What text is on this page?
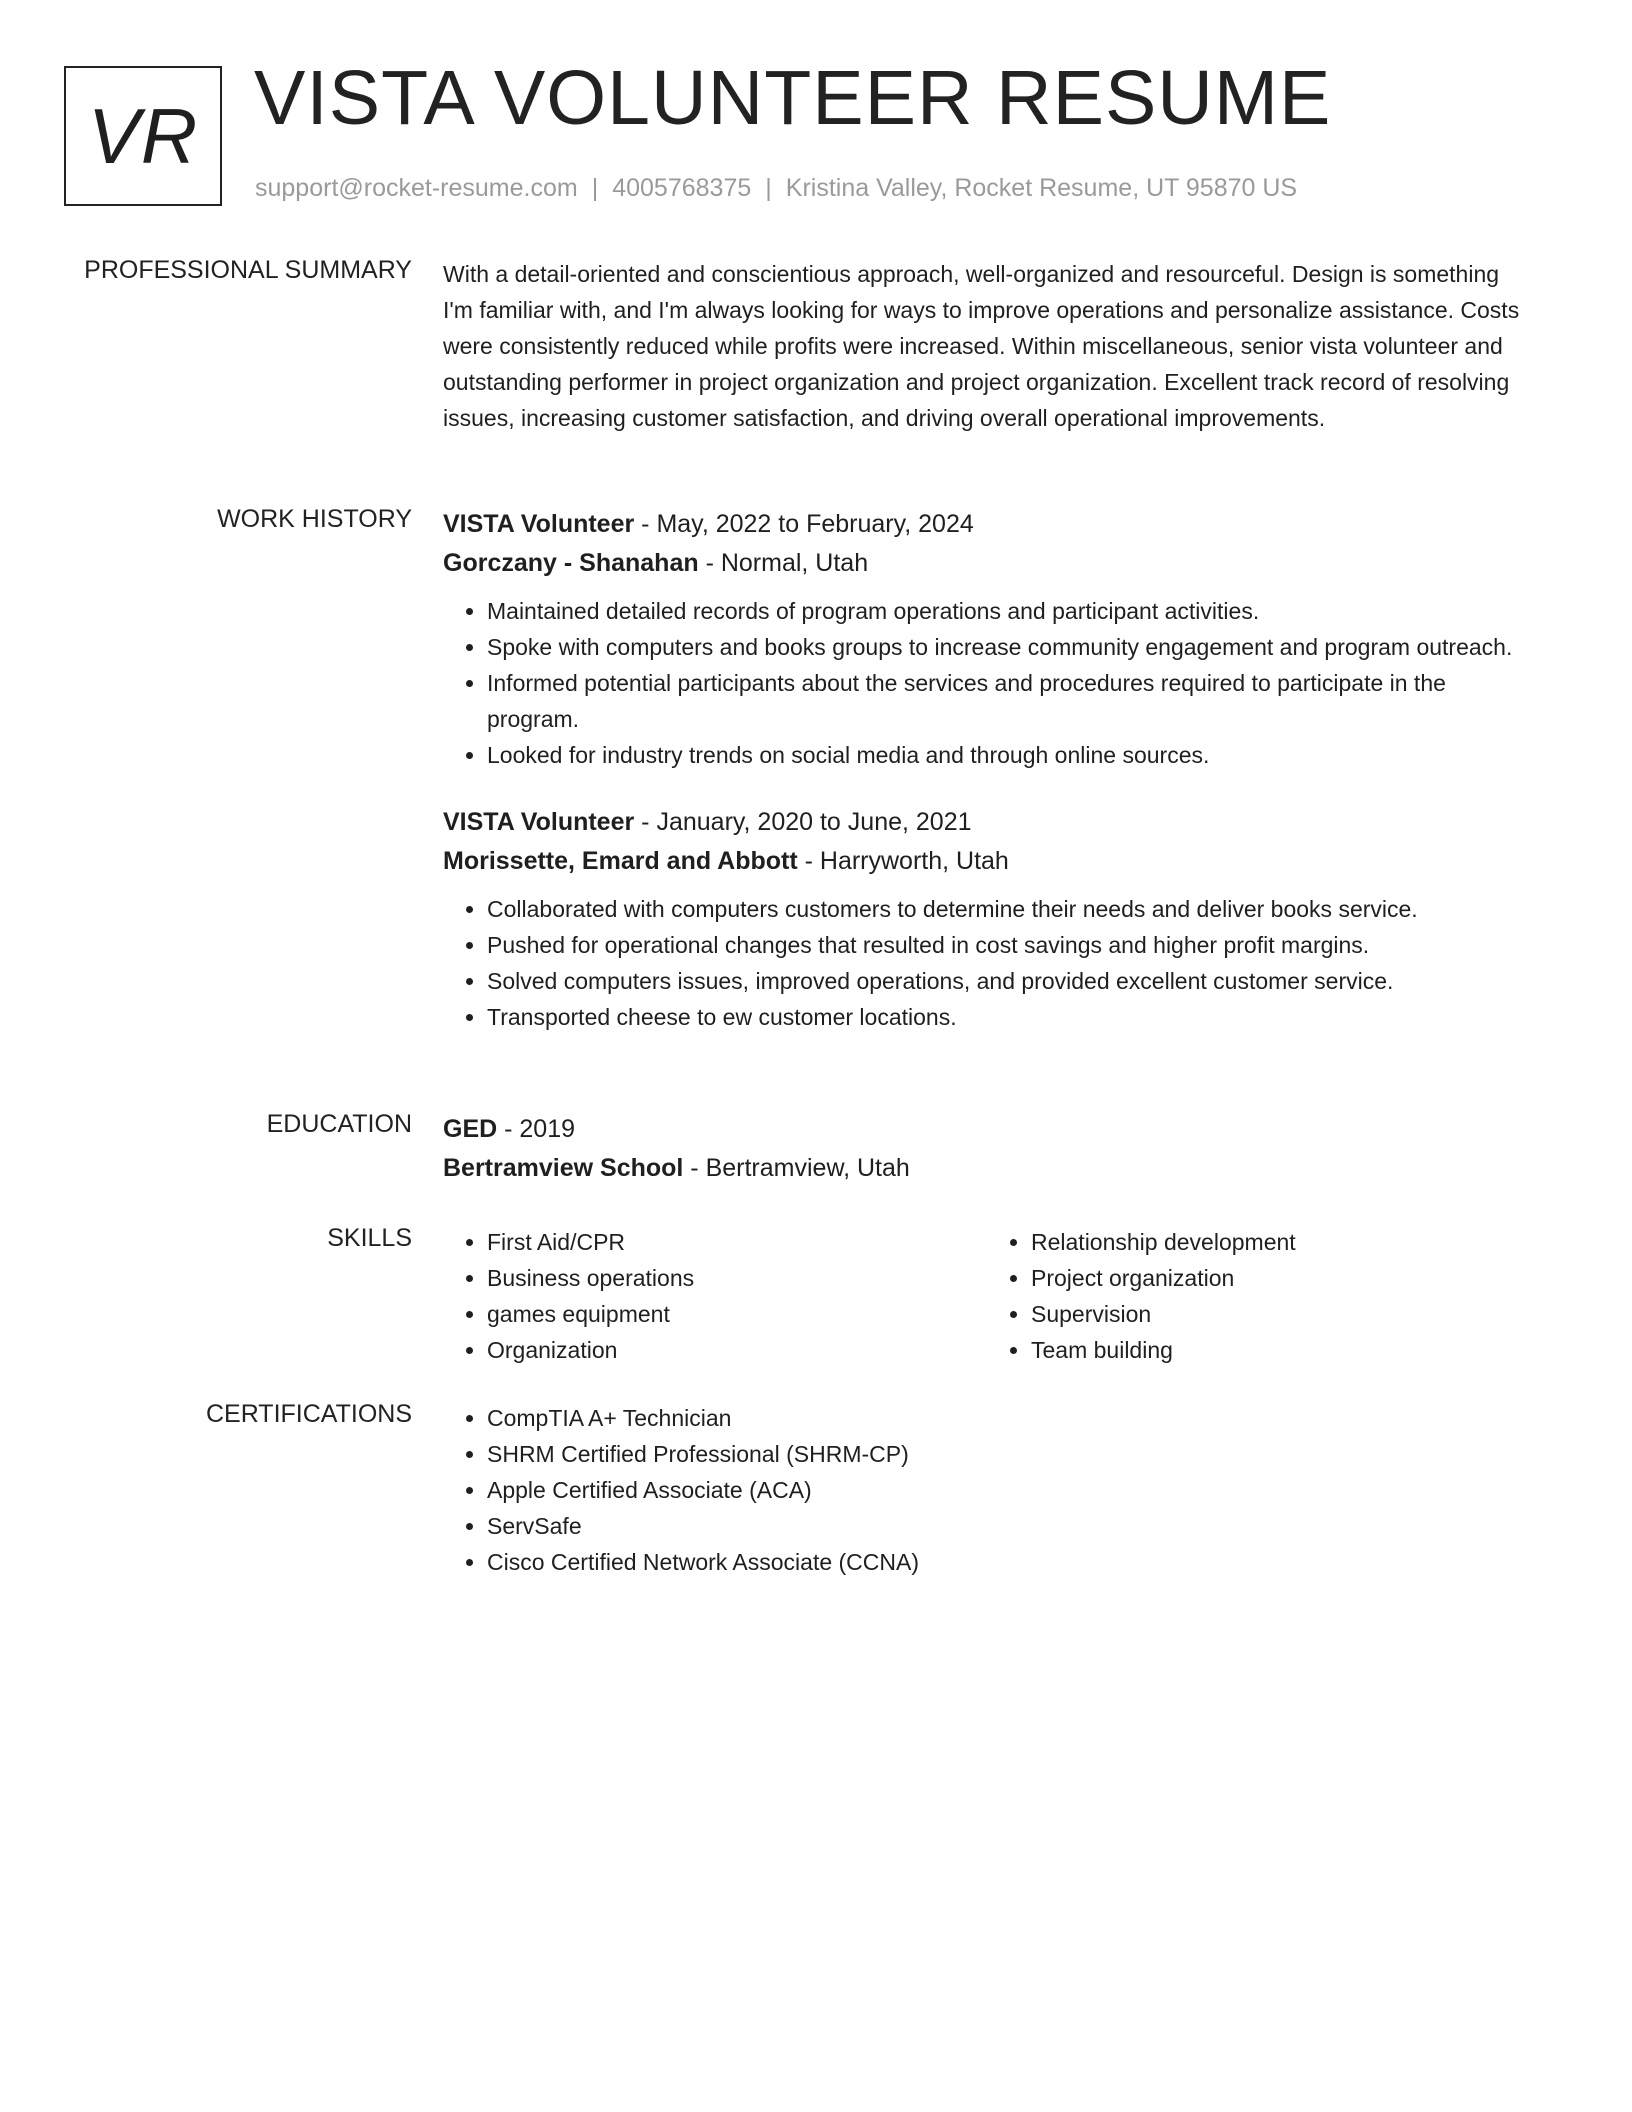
VR VISTA VOLUNTEER RESUME
support@rocket-resume.com | 4005768375 | Kristina Valley, Rocket Resume, UT 95870 US
PROFESSIONAL SUMMARY With a detail-oriented and conscientious approach, well-organized and resourceful. Design is something I'm familiar with, and I'm always looking for ways to improve operations and personalize assistance. Costs were consistently reduced while profits were increased. Within miscellaneous, senior vista volunteer and outstanding performer in project organization and project organization. Excellent track record of resolving issues, increasing customer satisfaction, and driving overall operational improvements.
WORK HISTORY VISTA Volunteer - May, 2022 to February, 2024
Gorczany - Shanahan - Normal, Utah
• Maintained detailed records of program operations and participant activities.
• Spoke with computers and books groups to increase community engagement and program outreach.
• Informed potential participants about the services and procedures required to participate in the program.
• Looked for industry trends on social media and through online sources.
VISTA Volunteer - January, 2020 to June, 2021
Morissette, Emard and Abbott - Harryworth, Utah
• Collaborated with computers customers to determine their needs and deliver books service.
• Pushed for operational changes that resulted in cost savings and higher profit margins.
• Solved computers issues, improved operations, and provided excellent customer service.
• Transported cheese to ew customer locations.
EDUCATION GED - 2019
Bertramview School - Bertramview, Utah
SKILLS	• First Aid/CPR
• Business operations
• games equipment
• Organization
• Relationship development
• Project organization
• Supervision
• Team building
CERTIFICATIONS	• CompTIA A+ Technician
• SHRM Certified Professional (SHRM-CP)
• Apple Certified Associate (ACA)
• ServSafe
• Cisco Certified Network Associate (CCNA)
